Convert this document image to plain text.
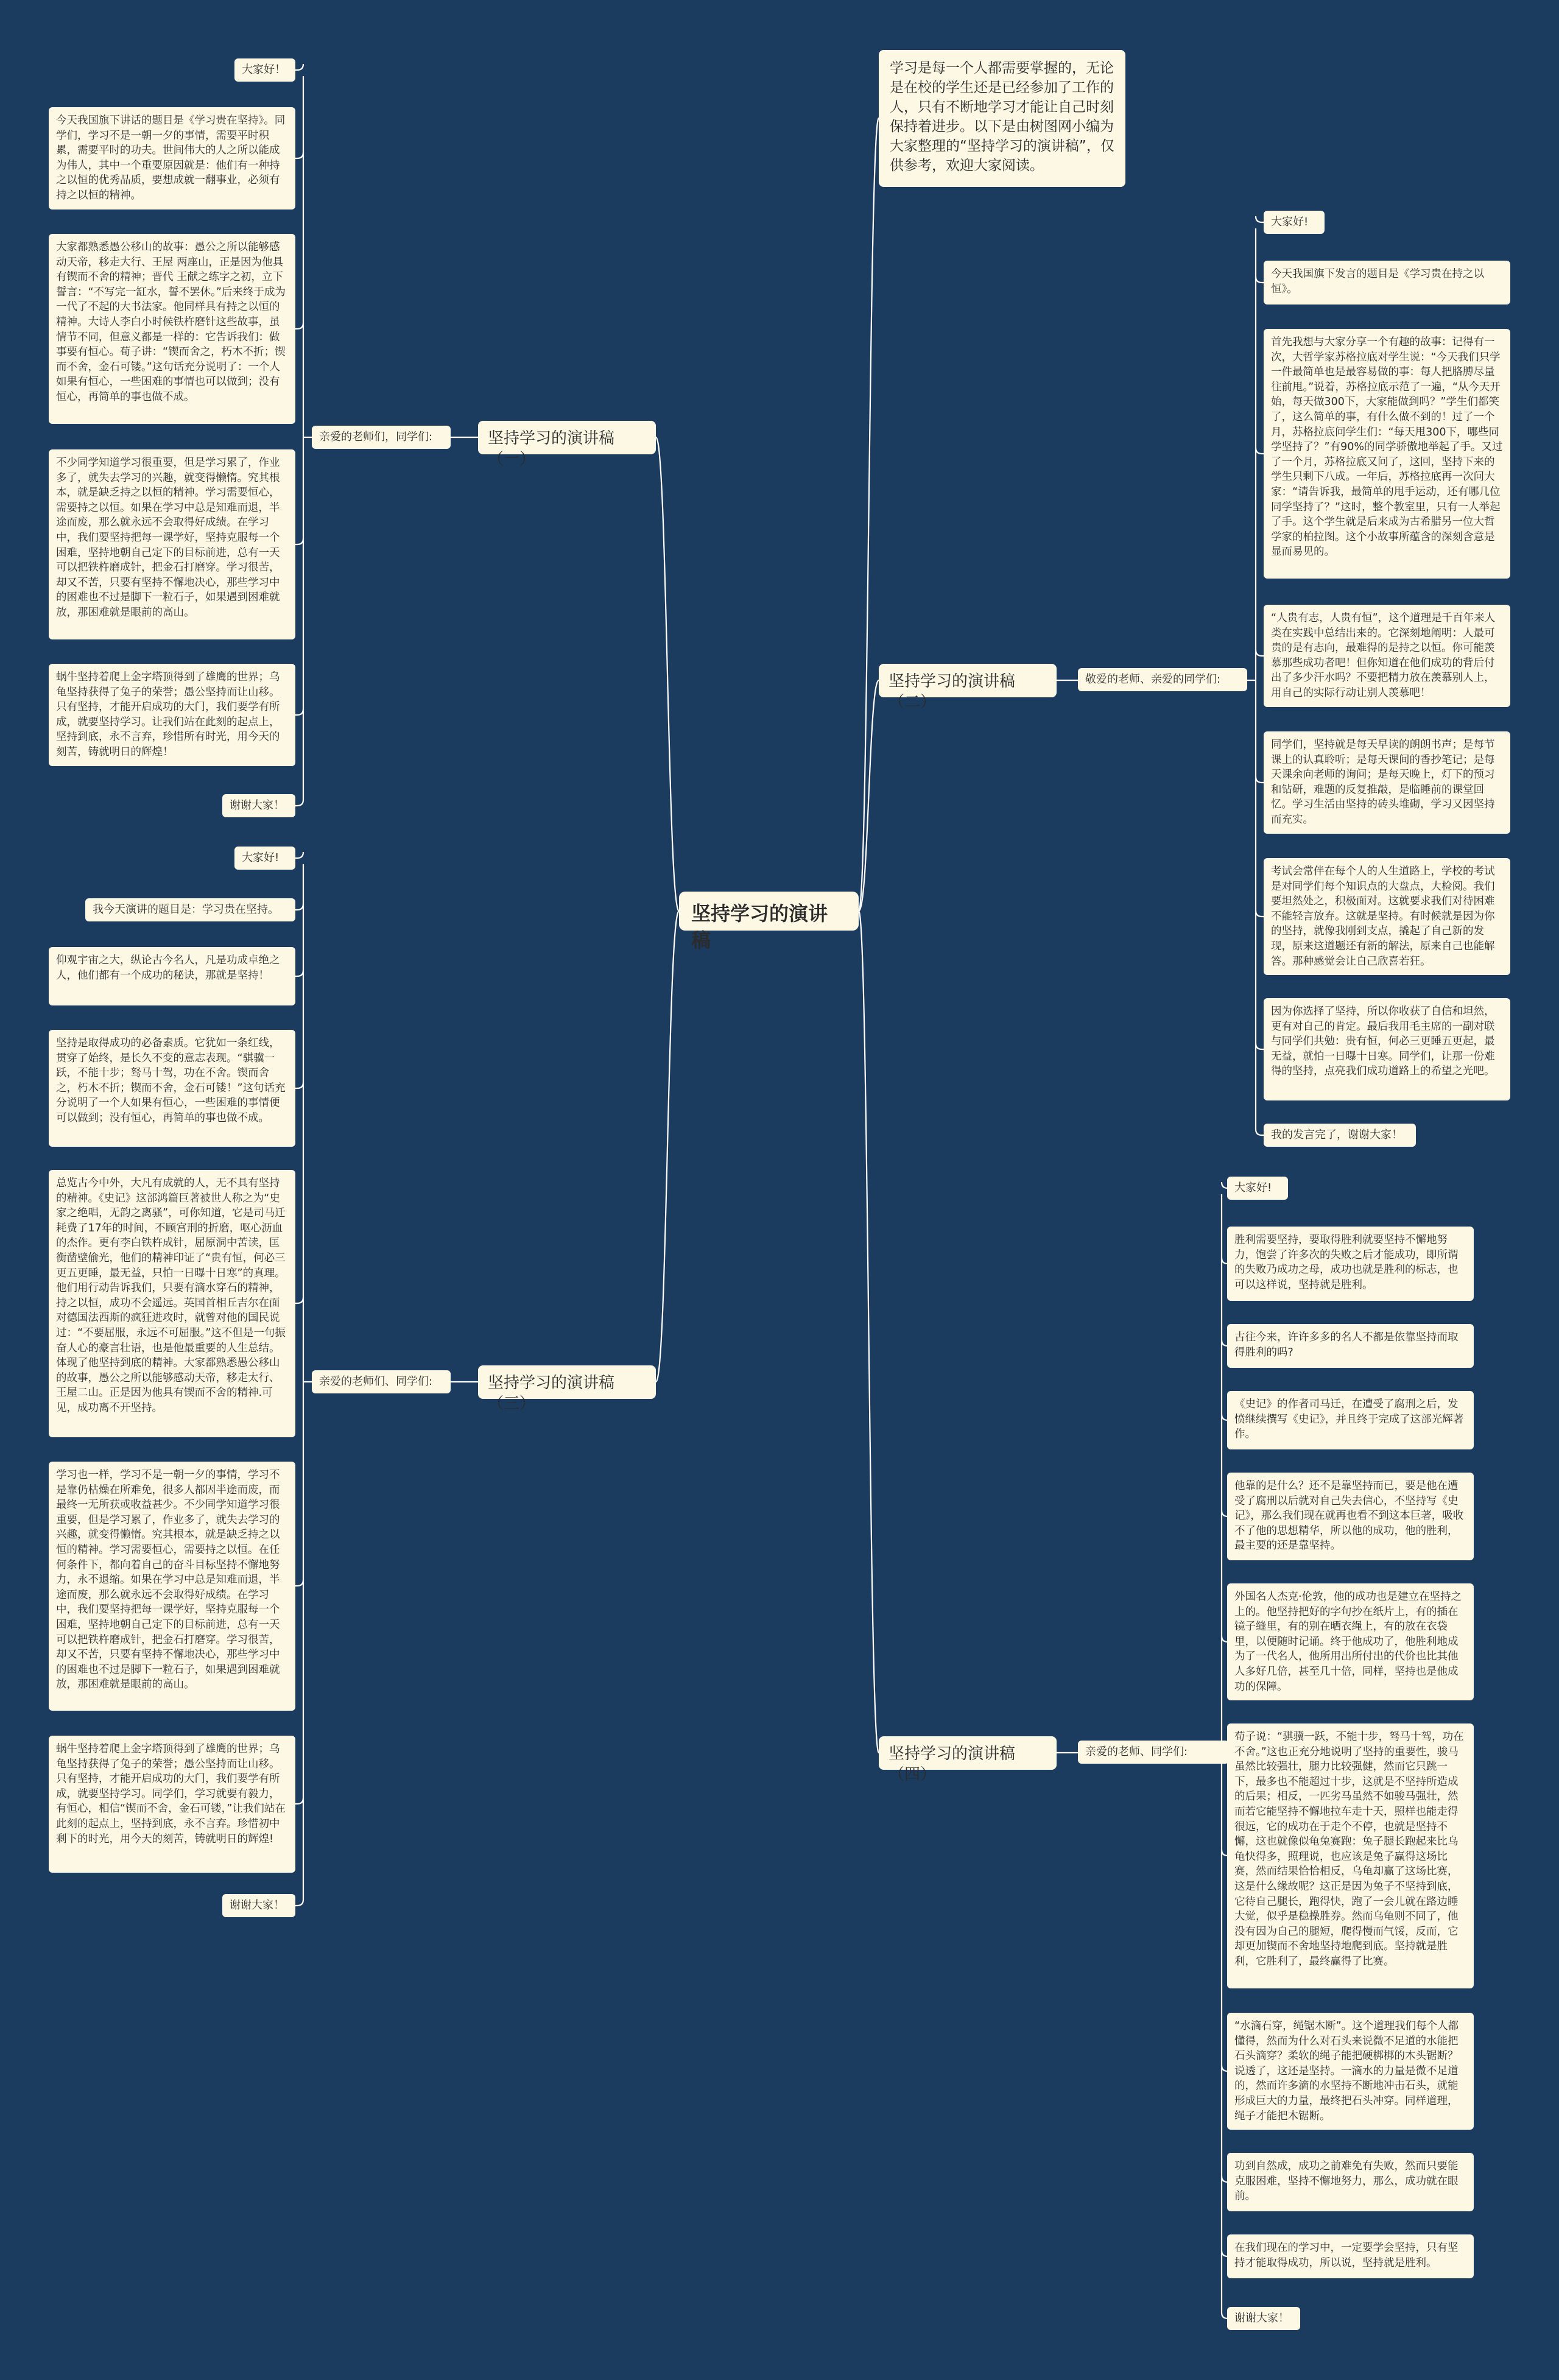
坚持学习的演讲稿
学习是每一个人都需要掌握的，无论是在校的学生还是已经参加了工作的人，只有不断地学习才能让自己时刻保持着进步。以下是由树图网小编为大家整理的“坚持学习的演讲稿”，仅供参考，欢迎大家阅读。
坚持学习的演讲稿（一）
坚持学习的演讲稿（二）
坚持学习的演讲稿（三）
坚持学习的演讲稿（四）
亲爱的老师们，同学们:
敬爱的老师、亲爱的同学们:
亲爱的老师们、同学们:
亲爱的老师、同学们:
大家好！
今天我国旗下讲话的题目是《学习贵在坚持》。同学们，学习不是一朝一夕的事情，需要平时积累，需要平时的功夫。世间伟大的人之所以能成为伟人，其中一个重要原因就是：他们有一种持之以恒的优秀品质，要想成就一翻事业，必须有持之以恒的精神。
大家都熟悉愚公移山的故事：愚公之所以能够感动天帝，移走大行、王屋 两座山，正是因为他具有锲而不舍的精神；晋代 王献之练字之初，立下誓言：“不写完一缸水，誓不罢休。”后来终于成为一代了不起的大书法家。他同样具有持之以恒的精神。大诗人李白小时候铁杵磨针这些故事，虽情节不同，但意义都是一样的：它告诉我们：做事要有恒心。荀子讲：“锲而舍之，朽木不折；锲而不舍，金石可镂。”这句话充分说明了：一个人如果有恒心，一些困难的事情也可以做到；没有恒心，再简单的事也做不成。
不少同学知道学习很重要，但是学习累了，作业多了，就失去学习的兴趣，就变得懒惰。究其根本，就是缺乏持之以恒的精神。学习需要恒心，需要持之以恒。如果在学习中总是知难而退，半途而废，那么就永远不会取得好成绩。在学习中，我们要坚持把每一课学好，坚持克服每一个困难，坚持地朝自己定下的目标前进，总有一天可以把铁杵磨成针，把金石打磨穿。学习很苦，却又不苦，只要有坚持不懈地决心，那些学习中的困难也不过是脚下一粒石子，如果遇到困难就放，那困难就是眼前的高山。
蜗牛坚持着爬上金字塔顶得到了雄鹰的世界；乌龟坚持获得了兔子的荣誉；愚公坚持而让山移。只有坚持，才能开启成功的大门，我们要学有所成，就要坚持学习。让我们站在此刻的起点上，坚持到底，永不言弃，珍惜所有时光，用今天的刻苦，铸就明日的辉煌！
谢谢大家！
大家好!
我今天演讲的题目是：学习贵在坚持。
仰观宇宙之大，纵论古今名人，凡是功成卓绝之人，他们都有一个成功的秘诀，那就是坚持！
坚持是取得成功的必备素质。它犹如一条红线，贯穿了始终，是长久不变的意志表现。“骐骥一跃，不能十步；驽马十驾，功在不舍。锲而舍之，朽木不折；锲而不舍，金石可镂！”这句话充分说明了一个人如果有恒心，一些困难的事情便可以做到；没有恒心，再简单的事也做不成。
总览古今中外，大凡有成就的人，无不具有坚持的精神。《史记》这部鸿篇巨著被世人称之为“史家之绝唱，无韵之离骚”，可你知道，它是司马迁耗费了17年的时间，不顾宫刑的折磨，呕心沥血的杰作。更有李白铁杵成针，屈原洞中苦读，匡衡凿壁偷光，他们的精神印证了“贵有恒，何必三更五更睡，最无益，只怕一日曝十日寒”的真理。他们用行动告诉我们，只要有滴水穿石的精神，持之以恒，成功不会遥远。英国首相丘吉尔在面对德国法西斯的疯狂进攻时，就曾对他的国民说过：“不要屈服，永远不可屈服。”这不但是一句振奋人心的豪言壮语，也是他最重要的人生总结。体现了他坚持到底的精神。大家都熟悉愚公移山的故事，愚公之所以能够感动天帝，移走太行、王屋二山。正是因为他具有锲而不舍的精神.可见，成功离不开坚持。
学习也一样，学习不是一朝一夕的事情，学习不是靠仍枯燥在所难免，很多人都因半途而废，而最终一无所获或收益甚少。不少同学知道学习很重要，但是学习累了，作业多了，就失去学习的兴趣，就变得懒惰。究其根本，就是缺乏持之以恒的精神。学习需要恒心，需要持之以恒。在任何条件下，都向着自己的奋斗目标坚持不懈地努力，永不退缩。如果在学习中总是知难而退，半途而废，那么就永远不会取得好成绩。在学习中，我们要坚持把每一课学好，坚持克服每一个困难，坚持地朝自己定下的目标前进，总有一天可以把铁杵磨成针，把金石打磨穿。学习很苦，却又不苦，只要有坚持不懈地决心，那些学习中的困难也不过是脚下一粒石子，如果遇到困难就放，那困难就是眼前的高山。
蜗牛坚持着爬上金字塔顶得到了雄鹰的世界；乌龟坚持获得了兔子的荣誉；愚公坚持而让山移。只有坚持，才能开启成功的大门，我们要学有所成，就要坚持学习。同学们，学习就要有毅力，有恒心，相信“锲而不舍，金石可镂，”让我们站在此刻的起点上，坚持到底，永不言弃。珍惜初中剩下的时光，用今天的刻苦，铸就明日的辉煌!
谢谢大家！
大家好!
今天我国旗下发言的题目是《学习贵在持之以恒》。
首先我想与大家分享一个有趣的故事：记得有一次，大哲学家苏格拉底对学生说：“今天我们只学一件最简单也是最容易做的事：每人把胳膊尽量往前甩。”说着，苏格拉底示范了一遍，“从今天开始，每天做300下，大家能做到吗？”学生们都笑了，这么简单的事，有什么做不到的！过了一个月，苏格拉底问学生们：“每天甩300下，哪些同学坚持了？”有90%的同学骄傲地举起了手。又过了一个月，苏格拉底又问了，这回，坚持下来的学生只剩下八成。一年后，苏格拉底再一次问大家：“请告诉我，最简单的甩手运动，还有哪几位同学坚持了？”这时，整个教室里，只有一人举起了手。这个学生就是后来成为古希腊另一位大哲学家的柏拉图。这个小故事所蕴含的深刻含意是显而易见的。
“人贵有志，人贵有恒”，这个道理是千百年来人类在实践中总结出来的。它深刻地阐明：人最可贵的是有志向，最难得的是持之以恒。你可能羡慕那些成功者吧！但你知道在他们成功的背后付出了多少汗水吗？不要把精力放在羡慕别人上，用自己的实际行动让别人羡慕吧！
同学们，坚持就是每天早读的朗朗书声；是每节课上的认真聆听；是每天课间的香抄笔记；是每天课余向老师的询问；是每天晚上，灯下的预习和钻研，难题的反复推敲，是临睡前的课堂回忆。学习生活由坚持的砖头堆砌，学习又因坚持而充实。
考试会常伴在每个人的人生道路上，学校的考试是对同学们每个知识点的大盘点，大检阅。我们要坦然处之，积极面对。这就要求我们对待困难不能轻言放弃。这就是坚持。有时候就是因为你的坚持，就像我刚到支点，撬起了自己新的发现，原来这道题还有新的解法，原来自己也能解答。那种感觉会让自己欣喜若狂。
因为你选择了坚持，所以你收获了自信和坦然，更有对自己的肯定。最后我用毛主席的一副对联与同学们共勉：贵有恒，何必三更睡五更起，最无益，就怕一日曝十日寒。同学们，让那一份难得的坚持，点亮我们成功道路上的希望之光吧。
我的发言完了，谢谢大家！
大家好!
胜利需要坚持，要取得胜利就要坚持不懈地努力，饱尝了许多次的失败之后才能成功，即所谓的失败乃成功之母，成功也就是胜利的标志，也可以这样说，坚持就是胜利。
古往今来，许许多多的名人不都是依靠坚持而取得胜利的吗?
《史记》的作者司马迁，在遭受了腐刑之后，发愤继续撰写《史记》，并且终于完成了这部光辉著作。
他靠的是什么？还不是靠坚持而已，要是他在遭受了腐刑以后就对自己失去信心，不坚持写《史记》，那么我们现在就再也看不到这本巨著，吸收不了他的思想精华，所以他的成功，他的胜利，最主要的还是靠坚持。
外国名人杰克·伦敦，他的成功也是建立在坚持之上的。他坚持把好的字句抄在纸片上，有的插在镜子缝里，有的别在晒衣绳上，有的放在衣袋里，以便随时记诵。终于他成功了，他胜利地成为了一代名人，他所用出所付出的代价也比其他人多好几倍，甚至几十倍，同样，坚持也是他成功的保障。
荀子说：“骐骥一跃，不能十步，驽马十驾，功在不舍。”这也正充分地说明了坚持的重要性，骏马虽然比较强壮，腿力比较强健，然而它只跳一下，最多也不能超过十步，这就是不坚持所造成的后果；相反，一匹劣马虽然不如骏马强壮，然而若它能坚持不懈地拉车走十天，照样也能走得很远，它的成功在于走个不停，也就是坚持不懈，这也就像似龟兔赛跑：兔子腿长跑起来比乌龟快得多，照理说，也应该是兔子赢得这场比赛，然而结果恰恰相反，乌龟却赢了这场比赛，这是什么缘故呢？这正是因为兔子不坚持到底，它待自己腿长，跑得快，跑了一会儿就在路边睡大觉，似乎是稳操胜券。然而乌龟则不同了，他没有因为自己的腿短，爬得慢而气馁，反而，它却更加锲而不舍地坚持地爬到底。坚持就是胜利，它胜利了，最终赢得了比赛。
“水滴石穿，绳锯木断”。这个道理我们每个人都懂得，然而为什么对石头来说微不足道的水能把石头滴穿？柔软的绳子能把硬梆梆的木头锯断？说透了，这还是坚持。一滴水的力量是微不足道的，然而许多滴的水坚持不断地冲击石头，就能形成巨大的力量，最终把石头冲穿。同样道理，绳子才能把木锯断。
功到自然成，成功之前难免有失败，然而只要能克服困难，坚持不懈地努力，那么，成功就在眼前。
在我们现在的学习中，一定要学会坚持，只有坚持才能取得成功，所以说，坚持就是胜利。
谢谢大家！
